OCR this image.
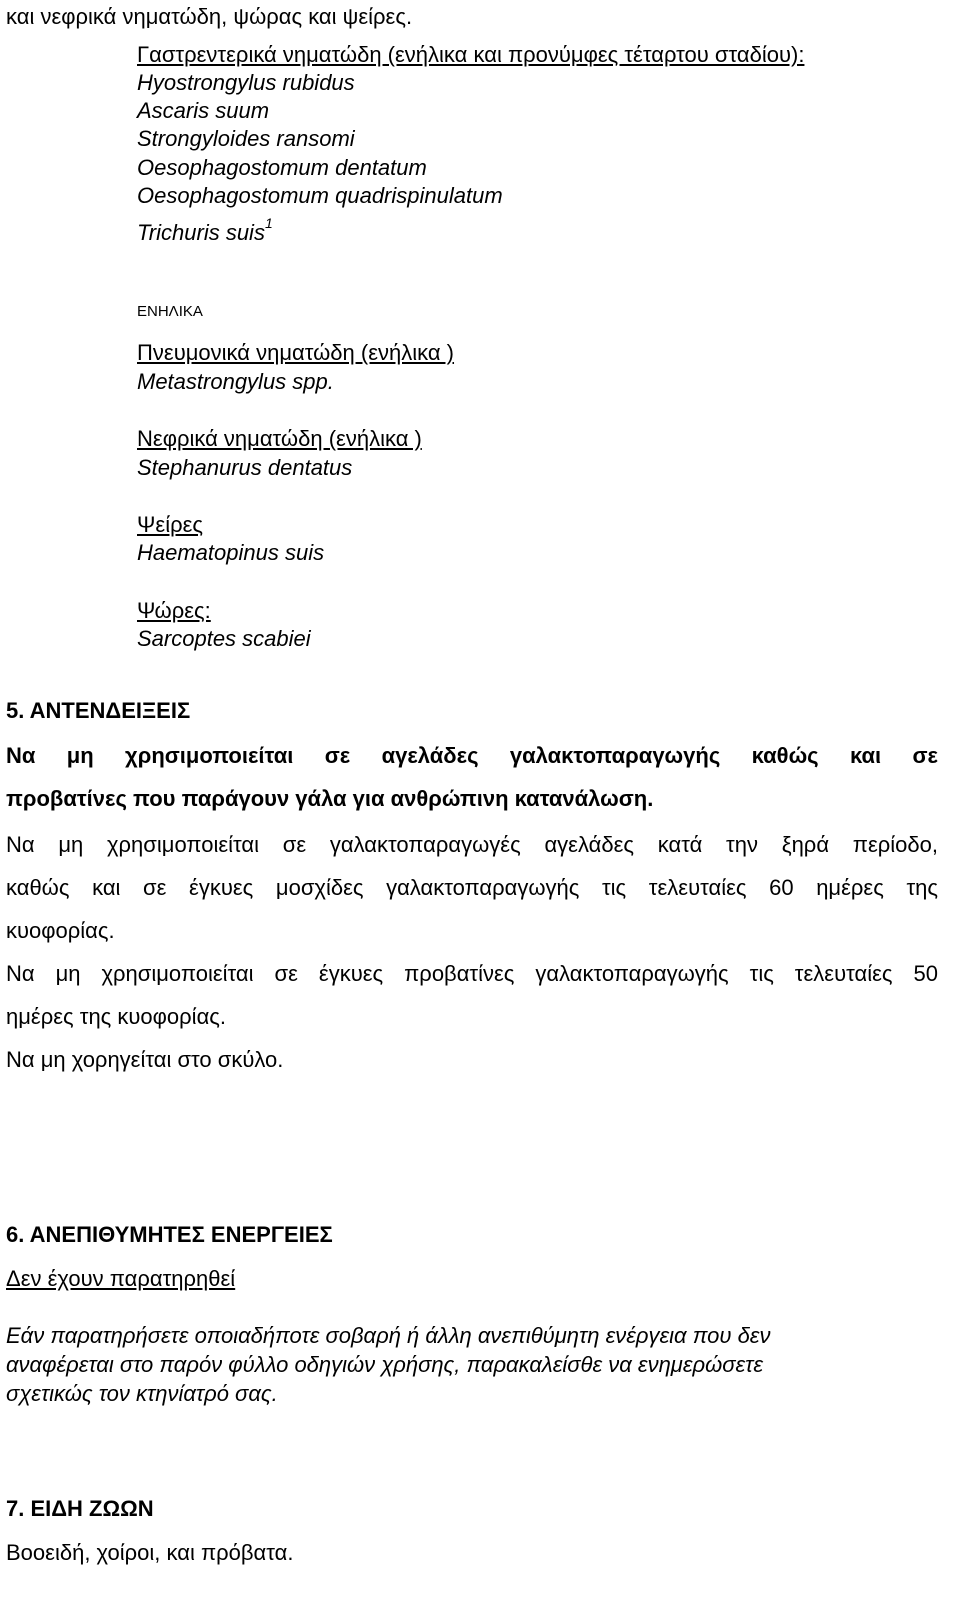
και νεφρικά νηματώδη, ψώρας και ψείρες.
Γαστρεντερικά νηματώδη (ενήλικα και προνύμφες τέταρτου σταδίου):
Hyostrongylus rubidus
Ascaris suum
Strongyloides ransomi
Oesophagostomum dentatum
Oesophagostomum quadrispinulatum
Trichuris suis$^1$
ΕΝΗΛΙΚΑ
Πνευμονικά νηματώδη (ενήλικα )
Metastrongylus spp.
Νεφρικά νηματώδη (ενήλικα )
Stephanurus dentatus
Ψείρες
Haematopinus suis
Ψώρες:
Sarcoptes scabiei
5. ΑΝΤΕΝΔΕΙΞΕΙΣ
Να μη χρησιμοποιείται σε αγελάδες γαλακτοπαραγωγής καθώς και σε
προβατίνες που παράγουν γάλα για ανθρώπινη κατανάλωση.
Να μη χρησιμοποιείται σε γαλακτοπαραγωγές αγελάδες κατά την ξηρά περίοδο,
καθώς και σε έγκυες μοσχίδες γαλακτοπαραγωγής τις τελευταίες 60 ημέρες της
κυοφορίας.
Να μη χρησιμοποιείται σε έγκυες προβατίνες γαλακτοπαραγωγής τις τελευταίες 50
ημέρες της κυοφορίας.
Να μη χορηγείται στο σκύλο.
6. ΑΝΕΠΙΘΥΜΗΤΕΣ ΕΝΕΡΓΕΙΕΣ
Δεν έχουν παρατηρηθεί
Εάν παρατηρήσετε οποιαδήποτε σοβαρή ή άλλη ανεπιθύμητη ενέργεια που δεν
αναφέρεται στο παρόν φύλλο οδηγιών χρήσης, παρακαλείσθε να ενημερώσετε
σχετικώς τον κτηνίατρό σας.
7. ΕΙΔΗ ΖΩΩΝ
Βοοειδή, χοίροι, και πρόβατα.
